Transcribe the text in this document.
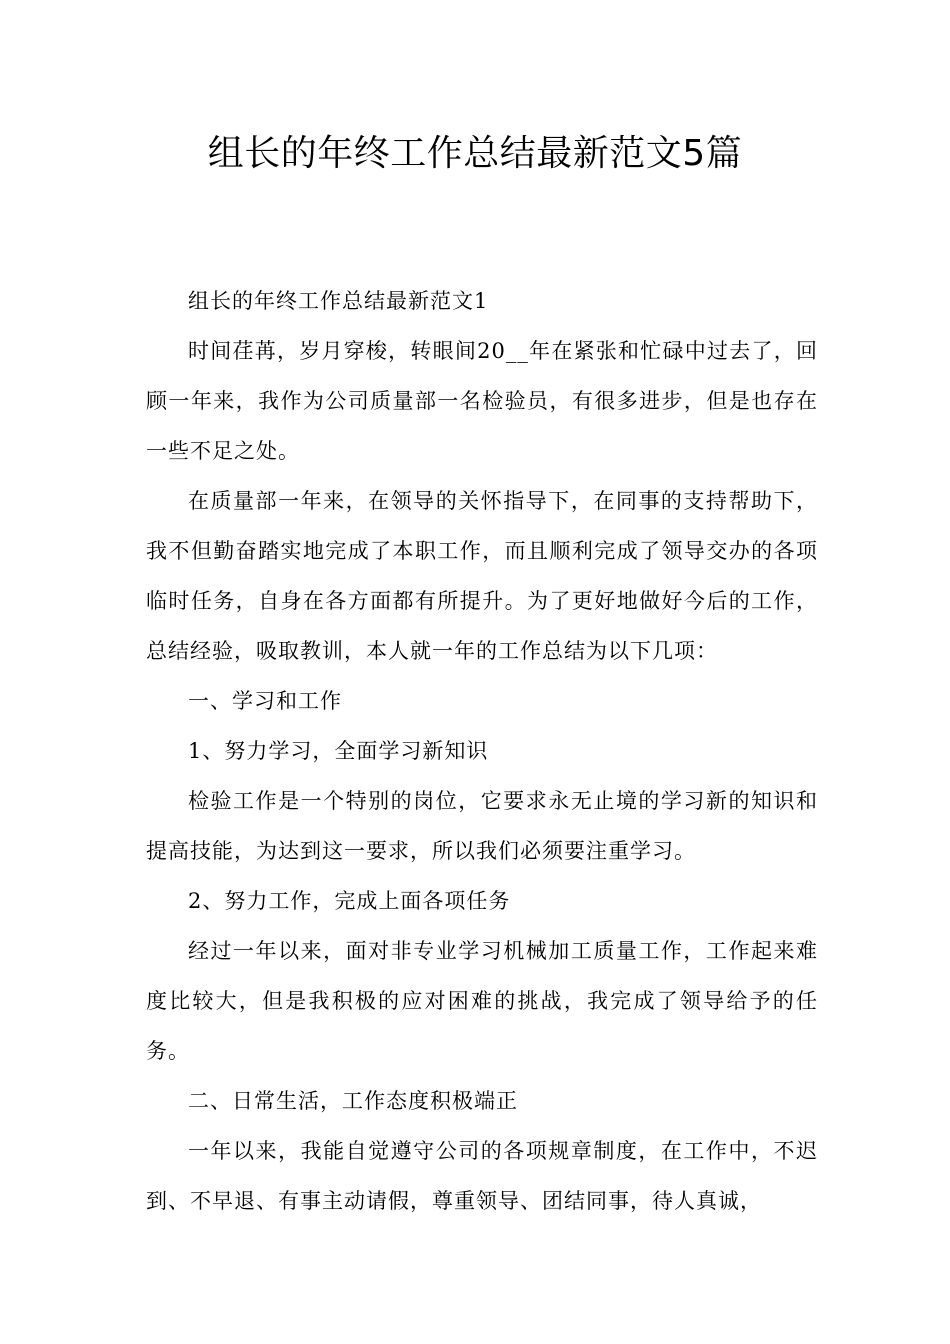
组长的年终工作总结最新范文5篇

组长的年终工作总结最新范文1

时间荏苒，岁月穿梭，转眼间20__年在紧张和忙碌中过去了，回顾一年来，我作为公司质量部一名检验员，有很多进步，但是也存在一些不足之处。

在质量部一年来，在领导的关怀指导下，在同事的支持帮助下，我不但勤奋踏实地完成了本职工作，而且顺利完成了领导交办的各项临时任务，自身在各方面都有所提升。为了更好地做好今后的工作，总结经验，吸取教训，本人就一年的工作总结为以下几项：

一、学习和工作

1、努力学习，全面学习新知识

检验工作是一个特别的岗位，它要求永无止境的学习新的知识和提高技能，为达到这一要求，所以我们必须要注重学习。

2、努力工作，完成上面各项任务

经过一年以来，面对非专业学习机械加工质量工作，工作起来难度比较大，但是我积极的应对困难的挑战，我完成了领导给予的任务。

二、日常生活，工作态度积极端正

一年以来，我能自觉遵守公司的各项规章制度，在工作中，不迟到、不早退、有事主动请假，尊重领导、团结同事，待人真诚，
